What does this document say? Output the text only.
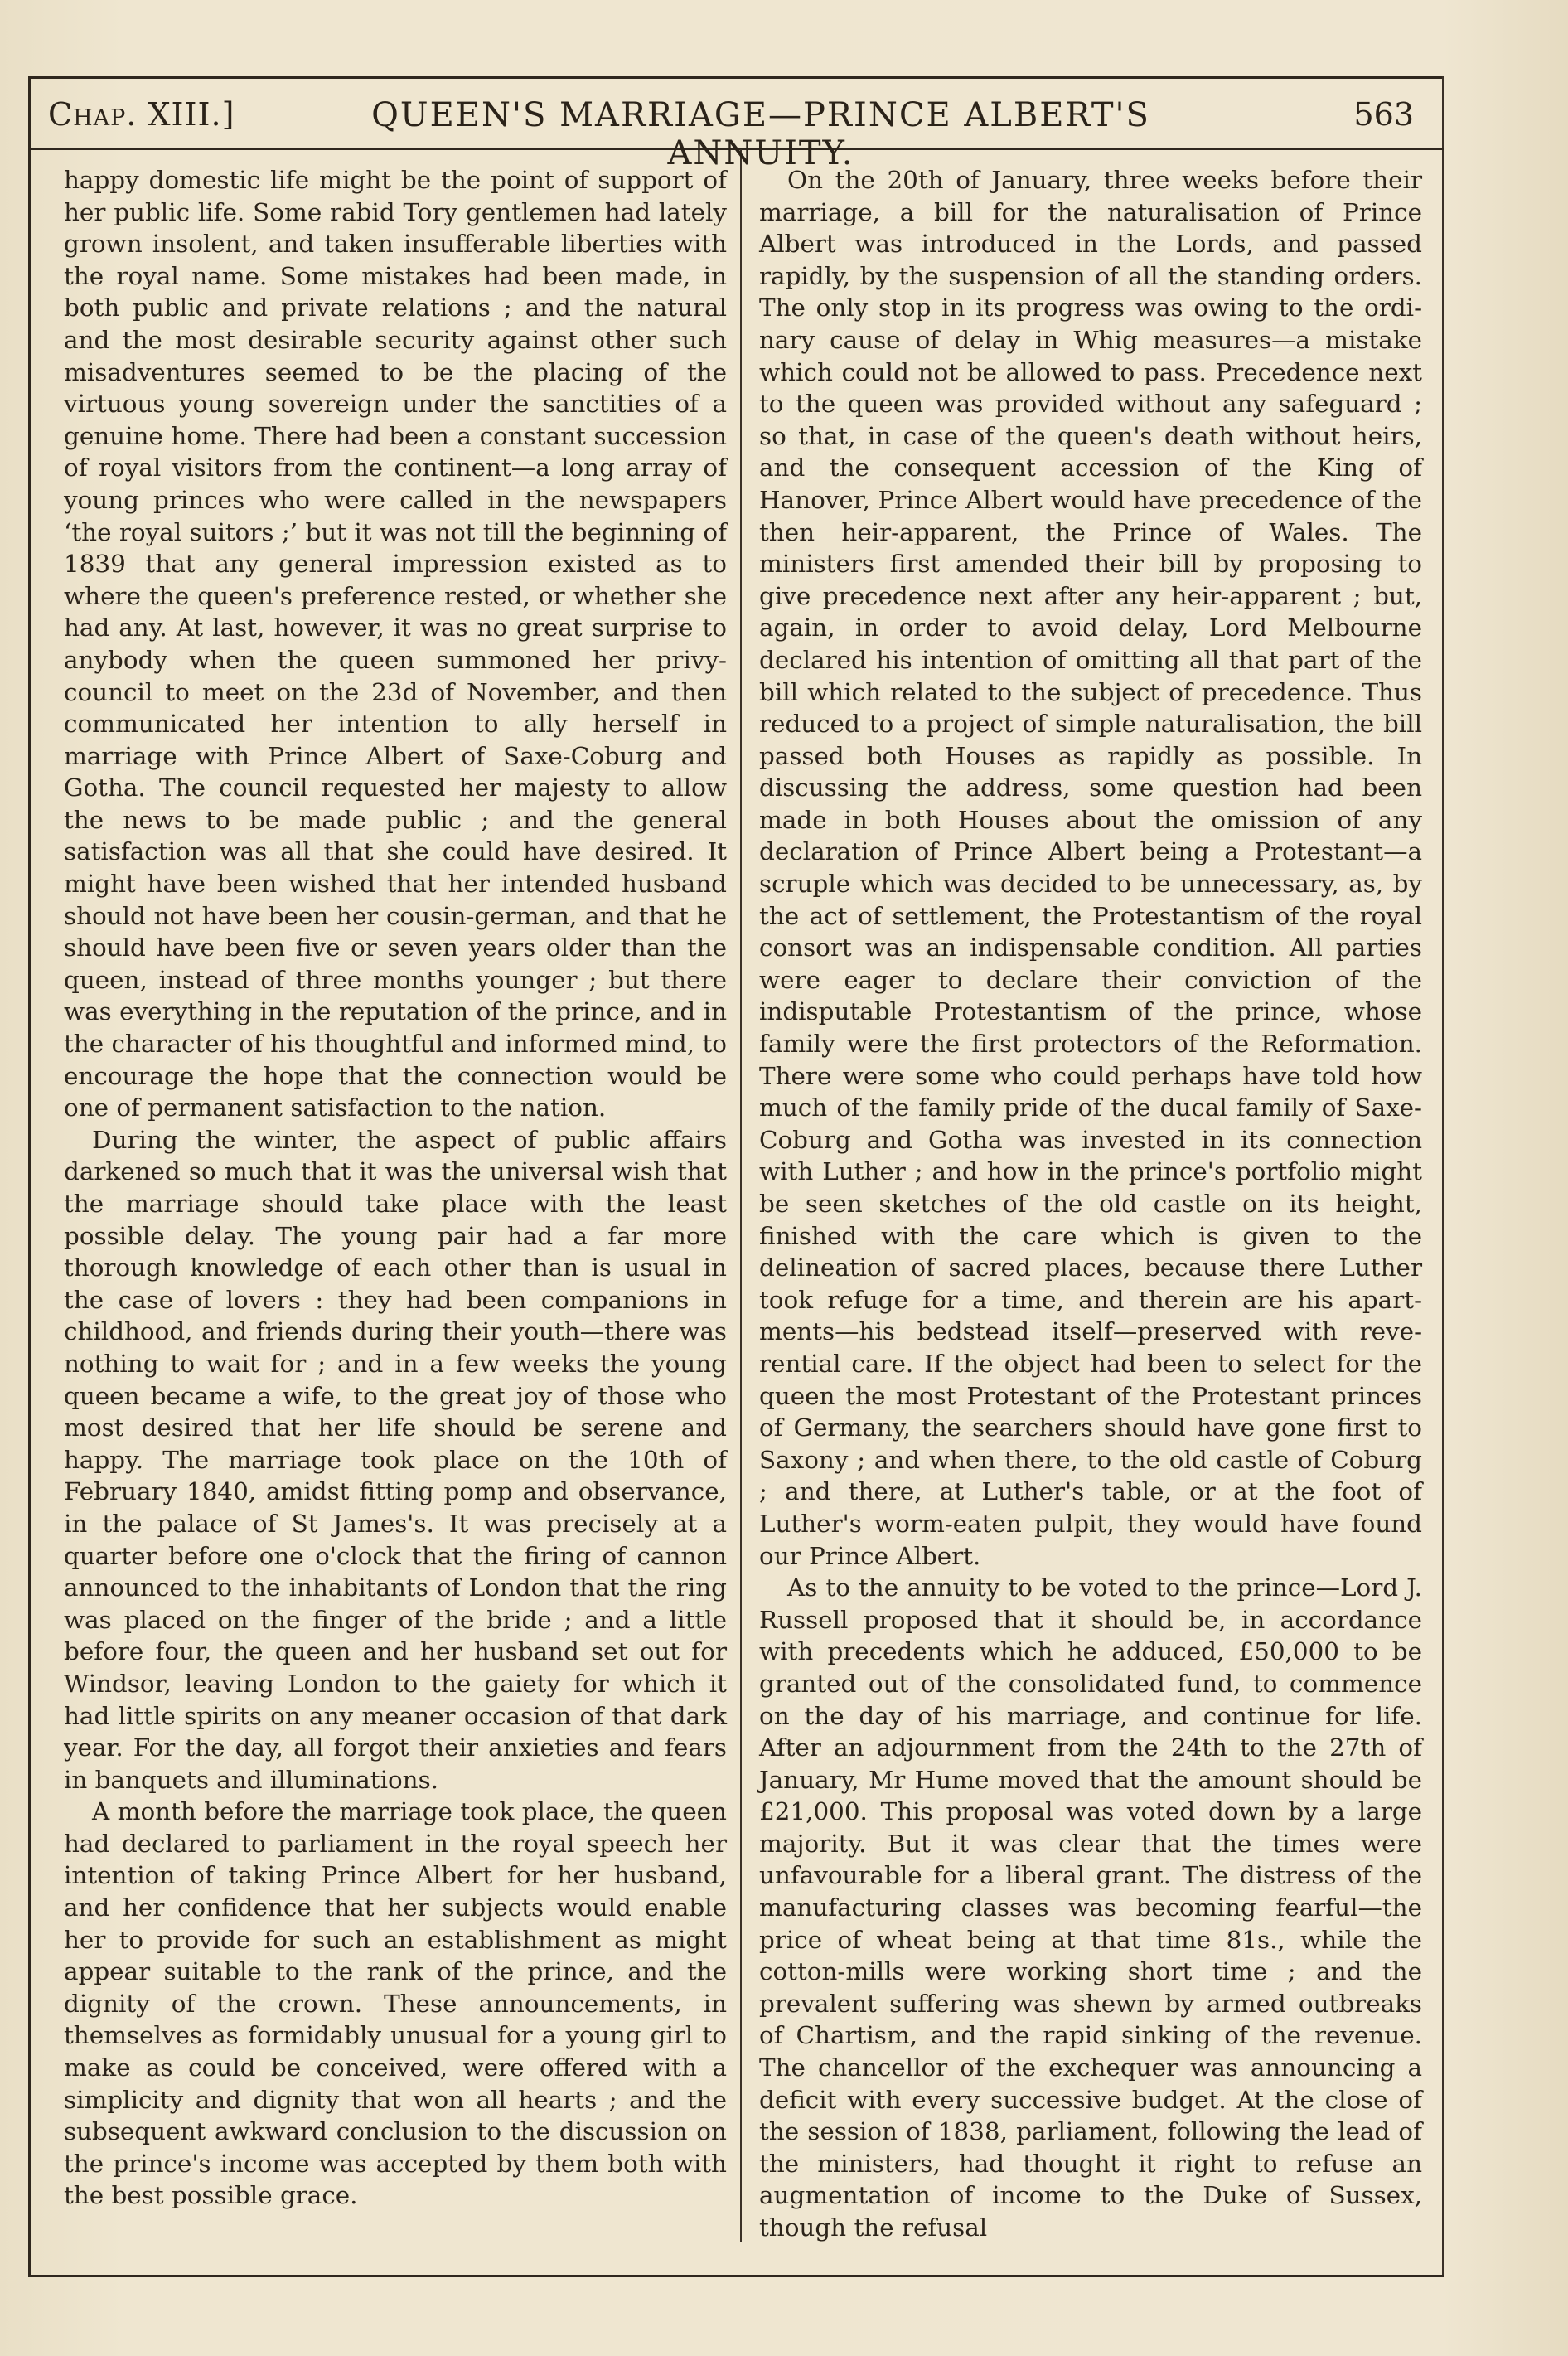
Chap. XIII.]	QUEEN'S MARRIAGE—PRINCE ALBERT'S ANNUITY.
563

happy domestic life might be the point of support of her public life. Some rabid Tory gentlemen had lately grown insolent, and taken insufferable liberties with the royal name. Some mistakes had been made, in both public and private relations ; and the natural and the most desirable security against other such misadventures seemed to be the placing of the virtuous young sovereign under the sanctities of a genuine home. There had been a constant succession of royal visitors from the continent—a long array of young princes who were called in the newspapers ‘the royal suitors ;’ but it was not till the beginning of 1839 that any general impression existed as to where the queen's preference rested, or whether she had any. At last, however, it was no great surprise to anybody when the queen summoned her privy-council to meet on the 23d of November, and then communicated her intention to ally herself in marriage with Prince Albert of Saxe-Coburg and Gotha. The council requested her majesty to allow the news to be made public ; and the general satisfaction was all that she could have desired. It might have been wished that her intended husband should not have been her cousin-german, and that he should have been five or seven years older than the queen, instead of three months younger ; but there was everything in the reputation of the prince, and in the character of his thoughtful and informed mind, to encourage the hope that the connection would be one of permanent satisfaction to the nation.

During the winter, the aspect of public affairs darkened so much that it was the universal wish that the marriage should take place with the least possible delay. The young pair had a far more thorough knowledge of each other than is usual in the case of lovers : they had been companions in childhood, and friends during their youth—there was nothing to wait for ; and in a few weeks the young queen became a wife, to the great joy of those who most desired that her life should be serene and happy. The marriage took place on the 10th of February 1840, amidst fitting pomp and observance, in the palace of St James's. It was precisely at a quarter before one o'clock that the firing of cannon announced to the inhabitants of London that the ring was placed on the finger of the bride ; and a little before four, the queen and her husband set out for Windsor, leaving London to the gaiety for which it had little spirits on any meaner occasion of that dark year. For the day, all forgot their anxieties and fears in banquets and illuminations.

A month before the marriage took place, the queen had declared to parliament in the royal speech her intention of taking Prince Albert for her husband, and her confidence that her subjects would enable her to provide for such an establishment as might appear suitable to the rank of the prince, and the dignity of the crown. These announcements, in themselves as formidably unusual for a young girl to make as could be conceived, were offered with a simplicity and dignity that won all hearts ; and the subsequent awkward conclusion to the discussion on the prince's income was accepted by them both with the best possible grace.

On the 20th of January, three weeks before their marriage, a bill for the naturalisation of Prince Albert was introduced in the Lords, and passed rapidly, by the suspension of all the standing orders. The only stop in its progress was owing to the ordinary cause of delay in Whig measures—a mistake which could not be allowed to pass. Precedence next to the queen was provided without any safeguard ; so that, in case of the queen's death without heirs, and the consequent accession of the King of Hanover, Prince Albert would have precedence of the then heir-apparent, the Prince of Wales. The ministers first amended their bill by proposing to give precedence next after any heir-apparent ; but, again, in order to avoid delay, Lord Melbourne declared his intention of omitting all that part of the bill which related to the subject of precedence. Thus reduced to a project of simple naturalisation, the bill passed both Houses as rapidly as possible. In discussing the address, some question had been made in both Houses about the omission of any declaration of Prince Albert being a Protestant—a scruple which was decided to be unnecessary, as, by the act of settlement, the Protestantism of the royal consort was an indispensable condition. All parties were eager to declare their conviction of the indisputable Protestantism of the prince, whose family were the first protectors of the Reformation. There were some who could perhaps have told how much of the family pride of the ducal family of Saxe-Coburg and Gotha was invested in its connection with Luther ; and how in the prince's portfolio might be seen sketches of the old castle on its height, finished with the care which is given to the delineation of sacred places, because there Luther took refuge for a time, and therein are his apartments—his bedstead itself—preserved with reverential care. If the object had been to select for the queen the most Protestant of the Protestant princes of Germany, the searchers should have gone first to Saxony ; and when there, to the old castle of Coburg ; and there, at Luther's table, or at the foot of Luther's worm-eaten pulpit, they would have found our Prince Albert.

As to the annuity to be voted to the prince—Lord J. Russell proposed that it should be, in accordance with precedents which he adduced, £50,000 to be granted out of the consolidated fund, to commence on the day of his marriage, and continue for life. After an adjournment from the 24th to the 27th of January, Mr Hume moved that the amount should be £21,000. This proposal was voted down by a large majority. But it was clear that the times were unfavourable for a liberal grant. The distress of the manufacturing classes was becoming fearful—the price of wheat being at that time 81s., while the cotton-mills were working short time ; and the prevalent suffering was shewn by armed outbreaks of Chartism, and the rapid sinking of the revenue. The chancellor of the exchequer was announcing a deficit with every successive budget. At the close of the session of 1838, parliament, following the lead of the ministers, had thought it right to refuse an augmentation of income to the Duke of Sussex, though the refusal
